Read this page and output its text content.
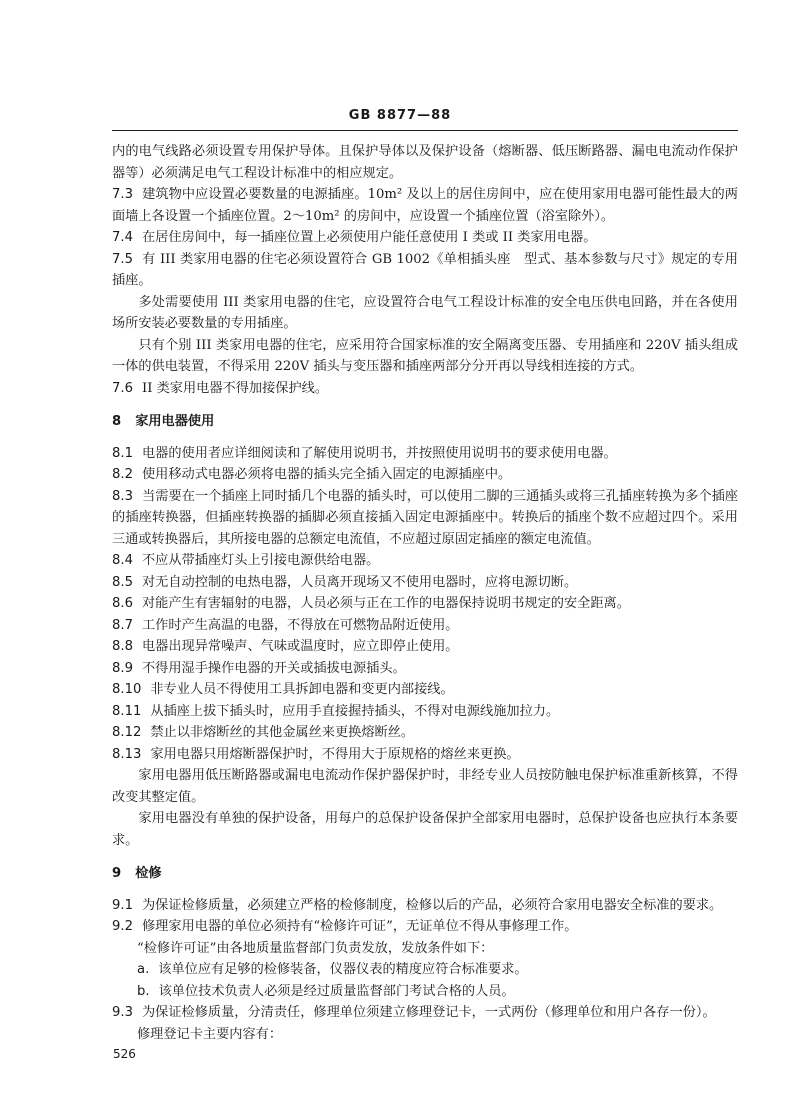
GB 8877—88

内的电气线路必须设置专用保护导体。且保护导体以及保护设备（熔断器、低压断路器、漏电电流动作保护器等）必须满足电气工程设计标准中的相应规定。

7.3 建筑物中应设置必要数量的电源插座。10m² 及以上的居住房间中，应在使用家用电器可能性最大的两面墙上各设置一个插座位置。2～10m² 的房间中，应设置一个插座位置（浴室除外）。

7.4 在居住房间中，每一插座位置上必须使用户能任意使用 I 类或 II 类家用电器。

7.5 有 III 类家用电器的住宅必须设置符合 GB 1002《单相插头座　型式、基本参数与尺寸》规定的专用插座。

多处需要使用 III 类家用电器的住宅，应设置符合电气工程设计标准的安全电压供电回路，并在各使用场所安装必要数量的专用插座。

只有个别 III 类家用电器的住宅，应采用符合国家标准的安全隔离变压器、专用插座和 220V 插头组成一体的供电装置，不得采用 220V 插头与变压器和插座两部分分开再以导线相连接的方式。

7.6 II 类家用电器不得加接保护线。

8 家用电器使用

8.1 电器的使用者应详细阅读和了解使用说明书，并按照使用说明书的要求使用电器。

8.2 使用移动式电器必须将电器的插头完全插入固定的电源插座中。

8.3 当需要在一个插座上同时插几个电器的插头时，可以使用二脚的三通插头或将三孔插座转换为多个插座的插座转换器，但插座转换器的插脚必须直接插入固定电源插座中。转换后的插座个数不应超过四个。采用三通或转换器后，其所接电器的总额定电流值，不应超过原固定插座的额定电流值。

8.4 不应从带插座灯头上引接电源供给电器。

8.5 对无自动控制的电热电器，人员离开现场又不使用电器时，应将电源切断。

8.6 对能产生有害辐射的电器，人员必须与正在工作的电器保持说明书规定的安全距离。

8.7 工作时产生高温的电器，不得放在可燃物品附近使用。

8.8 电器出现异常噪声、气味或温度时，应立即停止使用。

8.9 不得用湿手操作电器的开关或插拔电源插头。

8.10 非专业人员不得使用工具拆卸电器和变更内部接线。

8.11 从插座上拔下插头时，应用手直接握持插头，不得对电源线施加拉力。

8.12 禁止以非熔断丝的其他金属丝来更换熔断丝。

8.13 家用电器只用熔断器保护时，不得用大于原规格的熔丝来更换。

家用电器用低压断路器或漏电电流动作保护器保护时，非经专业人员按防触电保护标准重新核算，不得改变其整定值。

家用电器没有单独的保护设备，用每户的总保护设备保护全部家用电器时，总保护设备也应执行本条要求。

9 检修

9.1 为保证检修质量，必须建立严格的检修制度，检修以后的产品，必须符合家用电器安全标准的要求。

9.2 修理家用电器的单位必须持有“检修许可证”，无证单位不得从事修理工作。

“检修许可证”由各地质量监督部门负责发放，发放条件如下：

a. 该单位应有足够的检修装备，仪器仪表的精度应符合标准要求。

b. 该单位技术负责人必须是经过质量监督部门考试合格的人员。

9.3 为保证检修质量，分清责任，修理单位须建立修理登记卡，一式两份（修理单位和用户各存一份）。

修理登记卡主要内容有：

526
